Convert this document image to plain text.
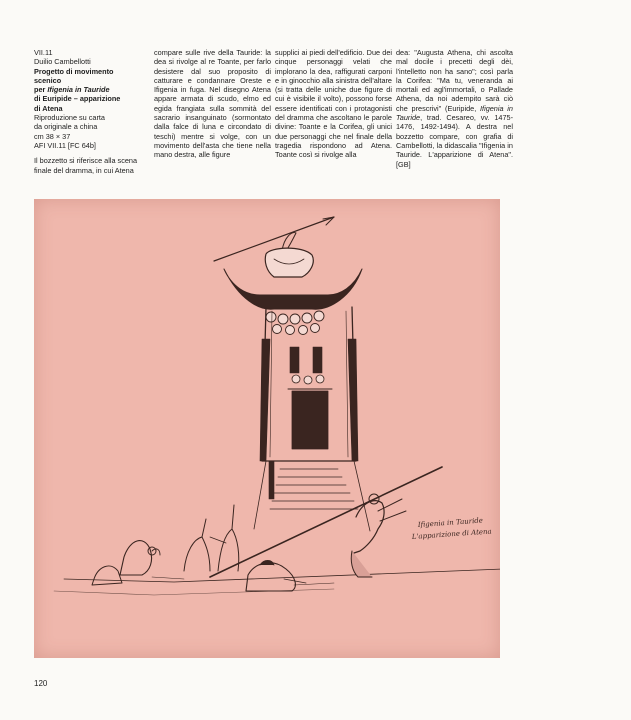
VII.11
Duilio Cambellotti
Progetto di movimento scenico
per Ifigenia in Tauride
di Euripide – apparizione
di Atena
Riproduzione su carta
da originale a china
cm 38 × 37
AFI VII.11 [FC 64b]

Il bozzetto si riferisce alla scena finale del dramma, in cui Atena

compare sulle rive della Tauride: la dea si rivolge al re Toante, per farlo desistere dal suo proposito di catturare e condannare Oreste e Ifigenia in fuga. Nel disegno Atena appare armata di scudo, elmo ed egida frangiata sulla sommità del sacrario insanguinato (sormontato dalla falce di luna e circondato di teschi) mentre si volge, con un movimento dell'asta che tiene nella mano destra, alle figure

supplici ai piedi dell'edificio. Due dei cinque personaggi velati che implorano la dea, raffigurati carponi e in ginocchio alla sinistra dell'altare (si tratta delle uniche due figure di cui è visibile il volto), possono forse essere identificati con i protagonisti del dramma che ascoltano le parole divine: Toante e la Corifea, gli unici due personaggi che nel finale della tragedia rispondono ad Atena. Toante così si rivolge alla

dea: "Augusta Athena, chi ascolta mal docile i precetti degli dèi, l'intelletto non ha sano"; così parla la Corifea: "Ma tu, veneranda ai mortali ed agl'immortali, o Pallade Athena, da noi adempito sarà ciò che prescrivi" (Euripide, Ifigenia in Tauride, trad. Cesareo, vv. 1475-1476, 1492-1494). A destra nel bozzetto compare, con grafia di Cambellotti, la didascalia "Ifigenia in Tauride. L'apparizione di Atena". [GB]

Ifigenia in Tauride
L'apparizione di Atena
120
